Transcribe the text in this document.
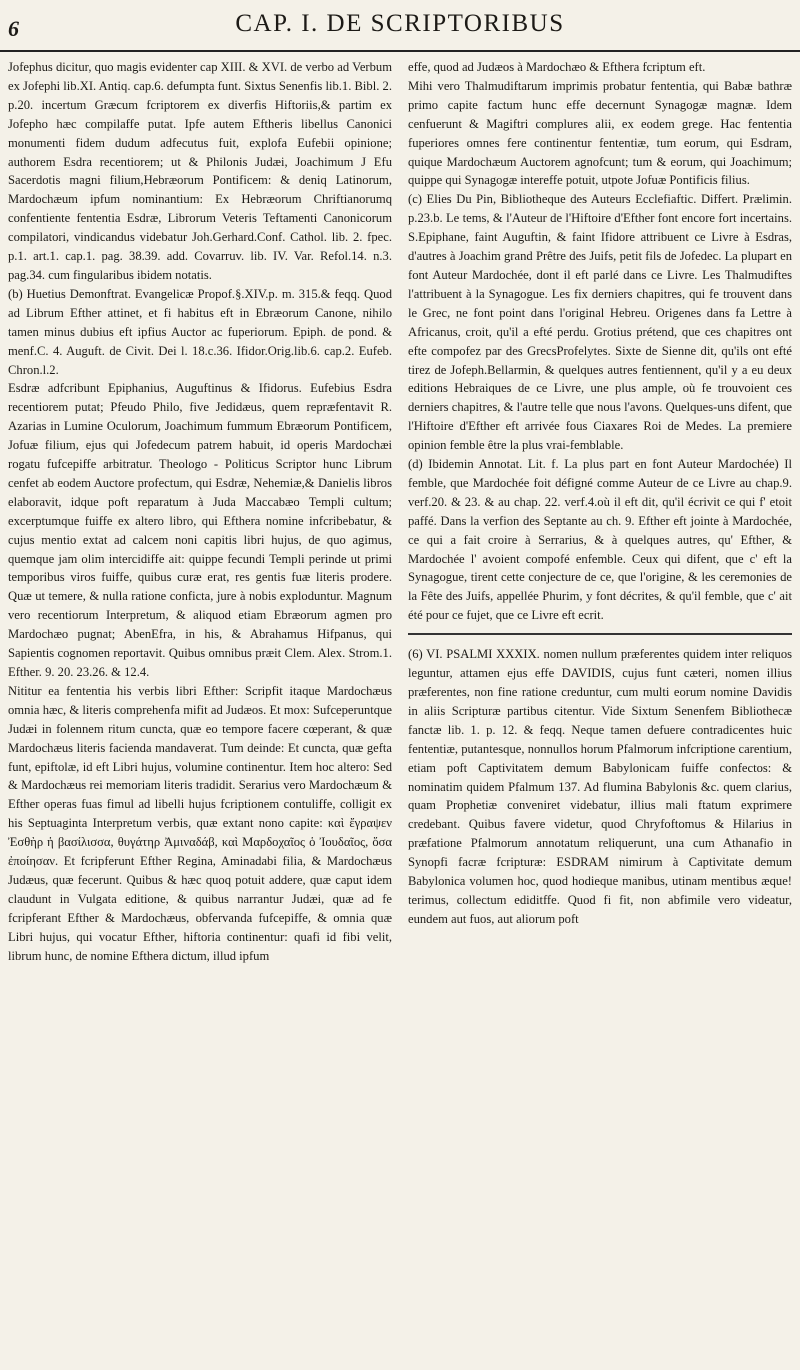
6	CAP. I. DE SCRIPTORIBUS

Jofephus dicitur, quo magis evidenter cap XIII. & XVI. de verbo ad Verbum ex Jofephi lib.XI. Antiq. cap.6. defumpta funt. Sixtus Senenfis lib.1. Bibl. 2. p.20. incertum Græcum fcriptorem ex diverfis Hiftoriis,& partim ex Jofepho hæc compilaffe putat. Ipfe autem Eftheris libellus Canonici monumenti fidem dudum adfecutus fuit, explofa Eufebii opinione; authorem Esdra recentiorem; ut & Philonis Judæi, Joachimum J Efu Sacerdotis magni filium,Hebræorum Pontificem: & deniq Latinorum, Mardochæum ipfum nominantium: Ex Hebræorum Chriftianorumq confentiente fententia Esdræ, Librorum Veteris Teftamenti Canonicorum compilatori, vindicandus videbatur Joh.Gerhard.Conf. Cathol. lib. 2. fpec. p.1. art.1. cap.1. pag. 38.39. add. Covarruv. lib. IV. Var. Refol.14. n.3. pag.34. cum fingularibus ibidem notatis.

(b) Huetius Demonftrat. Evangelicæ Propof.§.XIV.p. m. 315.& feqq. Quod ad Librum Efther attinet, et fi habitus eft in Ebræorum Canone, nihilo tamen minus dubius eft ipfius Auctor ac fuperiorum. Epiph. de pond. & menf.C. 4. Auguft. de Civit. Dei l. 18.c.36. Ifidor.Orig.lib.6. cap.2. Eufeb. Chron.l.2.

Esdræ adfcribunt Epiphanius, Auguftinus & Ifidorus. Eufebius Esdra recentiorem putat; Pfeudo Philo, five Jedidæus, quem repræfentavit R. Azarias in Lumine Oculorum, Joachimum fummum Ebræorum Pontificem, Jofuæ filium, ejus qui Jofedecum patrem habuit, id operis Mardochæi rogatu fufcepiffe arbitratur. Theologo - Politicus Scriptor hunc Librum cenfet ab eodem Auctore profectum, qui Esdræ, Nehemiæ,& Danielis libros elaboravit, idque poft reparatum à Juda Maccabæo Templi cultum; excerptumque fuiffe ex altero libro, qui Efthera nomine infcribebatur, & cujus mentio extat ad calcem noni capitis libri hujus, de quo agimus, quemque jam olim intercidiffe ait: quippe fecundi Templi perinde ut primi temporibus viros fuiffe, quibus curæ erat, res gentis fuæ literis prodere. Quæ ut temere, & nulla ratione conficta, jure à nobis exploduntur. Magnum vero recentiorum Interpretum, & aliquod etiam Ebræorum agmen pro Mardochæo pugnat; AbenEfra, in his, & Abrahamus Hifpanus, qui Sapientis cognomen reportavit. Quibus omnibus præit Clem. Alex. Strom.1. Efther. 9. 20. 23.26. & 12.4.

Nititur ea fententia his verbis libri Efther: Scripfit itaque Mardochæus omnia hæc, & literis comprehenfa mifit ad Judæos. Et mox: Sufceperuntque Judæi in folennem ritum cuncta, quæ eo tempore facere cœperant, & quæ Mardochæus literis facienda mandaverat. Tum deinde: Et cuncta, quæ gefta funt, epiftolæ, id eft Libri hujus, volumine continentur. Item hoc altero: Sed & Mardochæus rei memoriam literis tradidit. Serarius vero Mardochæum & Efther operas fuas fimul ad libelli hujus fcriptionem contuliffe, colligit ex his Septuaginta Interpretum verbis, quæ extant nono capite: καὶ ἔγραψεν Ἐσθὴρ ἡ βασίλισσα, θυγάτηρ Ἀμιναδάβ, καὶ Μαρδοχαῖος ὁ Ἰουδαῖος, ὅσα ἐποίησαν. Et fcripferunt Efther Regina, Aminadabi filia, & Mardochæus Judæus, quæ fecerunt. Quibus & hæc quoq potuit addere, quæ caput idem claudunt in Vulgata editione, & quibus narrantur Judæi, quæ ad fe fcripferant Efther & Mardochæus, obfervanda fufcepiffe, & omnia quæ Libri hujus, qui vocatur Efther, hiftoria continentur: quafi id fibi velit, librum hunc, de nomine Efthera dictum, illud ipfum

effe, quod ad Judæos à Mardochæo & Efthera fcriptum eft.

Mihi vero Thalmudiftarum imprimis probatur fententia, qui Babæ bathræ primo capite factum hunc effe decernunt Synagogæ magnæ. Idem cenfuerunt & Magiftri complures alii, ex eodem grege. Hac fententia fuperiores omnes fere continentur fententiæ, tum eorum, qui Esdram, quique Mardochæum Auctorem agnofcunt; tum & eorum, qui Joachimum; quippe qui Synagogæ intereffe potuit, utpote Jofuæ Pontificis filius.

(c) Elies Du Pin, Bibliotheque des Auteurs Ecclefiaftic. Differt. Prælimin. p.23.b. Le tems, & l'Auteur de l'Hiftoire d'Efther font encore fort incertains. S.Epiphane, faint Auguftin, & faint Ifidore attribuent ce Livre à Esdras, d'autres à Joachim grand Prêtre des Juifs, petit fils de Jofedec. La plupart en font Auteur Mardochée, dont il eft parlé dans ce Livre. Les Thalmudiftes l'attribuent à la Synagogue. Les fix derniers chapitres, qui fe trouvent dans le Grec, ne font point dans l'original Hebreu. Origenes dans fa Lettre à Africanus, croit, qu'il a efté perdu. Grotius prétend, que ces chapitres ont efte compofez par des GrecsProfelytes. Sixte de Sienne dit, qu'ils ont efté tirez de Jofeph.Bellarmin, & quelques autres fentiennent, qu'il y a eu deux editions Hebraiques de ce Livre, une plus ample, où fe trouvoient ces derniers chapitres, & l'autre telle que nous l'avons. Quelques-uns difent, que l'Hiftoire d'Efther eft arrivée fous Ciaxares Roi de Medes. La premiere opinion femble être la plus vrai-femblable.

(d) Ibidemin Annotat. Lit. f. La plus part en font Auteur Mardochée) Il femble, que Mardochée foit défigné comme Auteur de ce Livre au chap.9. verf.20. & 23. & au chap. 22. verf.4.où il eft dit, qu'il écrivit ce qui f' etoit paffé. Dans la verfion des Septante au ch. 9. Efther eft jointe à Mardochée, ce qui a fait croire à Serrarius, & à quelques autres, qu' Efther, & Mardochée l' avoient compofé enfemble. Ceux qui difent, que c' eft la Synagogue, tirent cette conjecture de ce, que l'origine, & les ceremonies de la Fête des Juifs, appellée Phurim, y font décrites, & qu'il femble, que c' ait été pour ce fujet, que ce Livre eft ecrit.

(6) VI. PSALMI XXXIX. nomen nullum præferentes quidem inter reliquos leguntur, attamen ejus effe DAVIDIS, cujus funt cæteri, nomen illius præferentes, non fine ratione creduntur, cum multi eorum nomine Davidis in aliis Scripturæ partibus citentur. Vide Sixtum Senenfem Bibliothecæ fanctæ lib. 1. p. 12. & feqq. Neque tamen defuere contradicentes huic fententiæ, putantesque, nonnullos horum Pfalmorum infcriptione carentium, etiam poft Captivitatem demum Babylonicam fuiffe confectos: & nominatim quidem Pfalmum 137. Ad flumina Babylonis &c. quem clarius, quam Prophetiæ conveniret videbatur, illius mali ftatum exprimere credebant. Quibus favere videtur, quod Chryfoftomus & Hilarius in præfatione Pfalmorum annotatum reliquerunt, una cum Athanafio in Synopfi facræ fcripturæ: ESDRAM nimirum à Captivitate demum Babylonica volumen hoc, quod hodieque manibus, utinam mentibus æque! terimus, collectum ediditffe. Quod fi fit, non abfimile vero videatur, eundem aut fuos, aut aliorum poft
